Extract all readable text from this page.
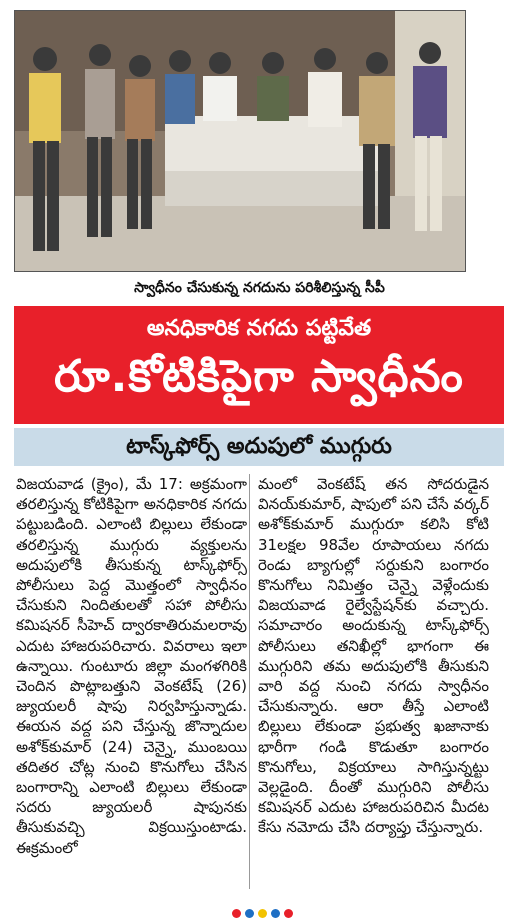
స్వాధీనం చేసుకున్న నగదును పరిశీలిస్తున్న సీపీ
అనధికారిక నగదు పట్టివేత
రూ.కోటికిపైగా స్వాధీనం
టాస్క్‌ఫోర్స్ అదుపులో ముగ్గురు

విజయవాడ (క్రైం), మే 17: అక్రమంగా తరలిస్తున్న కోటికిపైగా అనధికారిక నగదు పట్టుబడింది. ఎలాంటి బిల్లులు లేకుండా తరలిస్తున్న ముగ్గురు వ్యక్తులను అదుపులోకి తీసుకున్న టాస్క్‌ఫోర్స్ పోలీసులు పెద్ద మొత్తంలో స్వాధీనం చేసుకుని నిందితులతో సహా పోలీసు కమిషనర్ సీహెచ్ ద్వారకాతిరుమలరావు ఎదుట హాజరుపరిచారు. వివరాలు ఇలా ఉన్నాయి. గుంటూరు జిల్లా మంగళగిరికి చెందిన పొట్లాబత్తుని వెంకటేష్ (26) జ్యుయలరీ షాపు నిర్వహిస్తున్నాడు. ఈయన వద్ద పని చేస్తున్న జొన్నాదుల అశోక్‌కుమార్ (24) చెన్నై, ముంబయి తదితర చోట్ల నుంచి కొనుగోలు చేసిన బంగారాన్ని ఎలాంటి బిల్లులు లేకుండా సదరు జ్యుయలరీ షాపునకు తీసుకువచ్చి విక్రయిస్తుంటాడు. ఈక్రమంలో

మంలో వెంకటేష్ తన సోదరుడైన వినయ్‌కుమార్, షాపులో పని చేసే వర్కర్ అశోక్‌కుమార్ ముగ్గురూ కలిసి కోటి 31లక్షల 98వేల రూపాయలు నగదు రెండు బ్యాగుల్లో సర్దుకుని బంగారం కొనుగోలు నిమిత్తం చెన్నై వెళ్లేందుకు విజయవాడ రైల్వేస్టేషన్‌కు వచ్చారు. సమాచారం అందుకున్న టాస్క్‌ఫోర్స్ పోలీసులు తనిఖీల్లో భాగంగా ఈ ముగ్గురిని తమ అదుపులోకి తీసుకుని వారి వద్ద నుంచి నగదు స్వాధీనం చేసుకున్నారు. ఆరా తీస్తే ఎలాంటి బిల్లులు లేకుండా ప్రభుత్వ ఖజానాకు భారీగా గండి కొడుతూ బంగారం కొనుగోలు, విక్రయాలు సాగిస్తున్నట్టు వెల్లడైంది. దీంతో ముగ్గురిని పోలీసు కమిషనర్ ఎదుట హాజరుపరిచిన మీదట కేసు నమోదు చేసి దర్యాప్తు చేస్తున్నారు.
